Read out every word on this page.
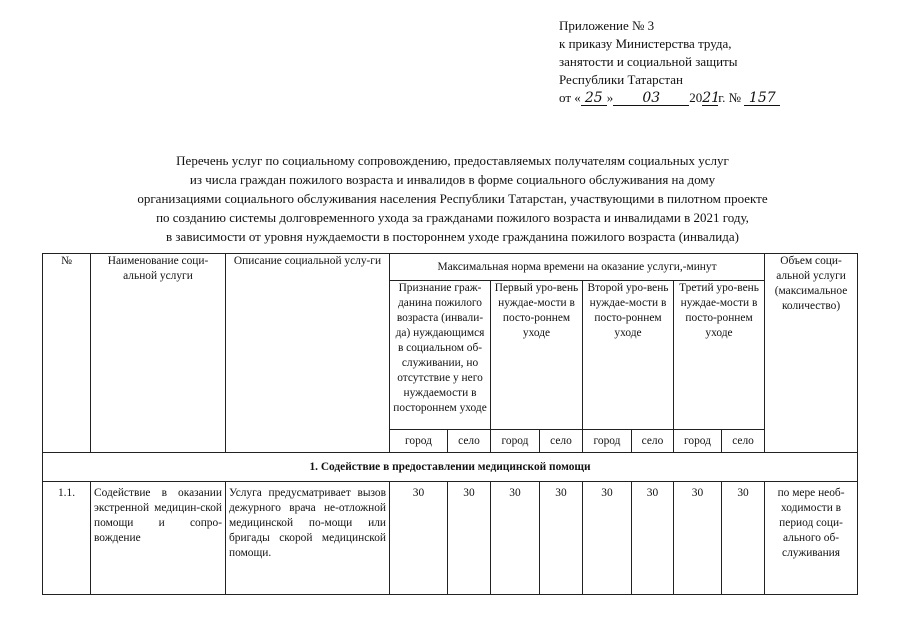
Приложение № 3
к приказу Министерства труда,
занятости и социальной защиты
Республики Татарстан
от « 25 » 03 2021г. № 157
Перечень услуг по социальному сопровождению, предоставляемых получателям социальных услуг
из числа граждан пожилого возраста и инвалидов в форме социального обслуживания на дому
организациями социального обслуживания населения Республики Татарстан, участвующими в пилотном проекте
по созданию системы долговременного ухода за гражданами пожилого возраста и инвалидами в 2021 году,
в зависимости от уровня нуждаемости в постороннем уходе гражданина пожилого возраста (инвалида)
№	Наименование соци-альной услуги	Описание социальной услу-ги	Максимальная норма времени на оказание услуги,-минут								Объем соци-альной услуги (максимальное количество)
			Признание граж-данина пожилого возраста (инвали-да) нуждающимся в социальном об-служивании, но отсутствие у него нуждаемости в постороннем уходе		Первый уро-вень нуждае-мости в посто-роннем уходе		Второй уро-вень нуждае-мости в посто-роннем уходе		Третий уро-вень нуждае-мости в посто-роннем уходе		
			город	село	город	село	город	село	город	село	
1. Содействие в предоставлении медицинской помощи											
1.1.	Содействие в оказании экстренной медицин-ской помощи и сопро-вождение	Услуга предусматривает вызов дежурного врача не-отложной медицинской по-мощи или бригады скорой медицинской помощи.	30	30	30	30	30	30	30	30	по мере необ-ходимости в период соци-ального об-служивания
